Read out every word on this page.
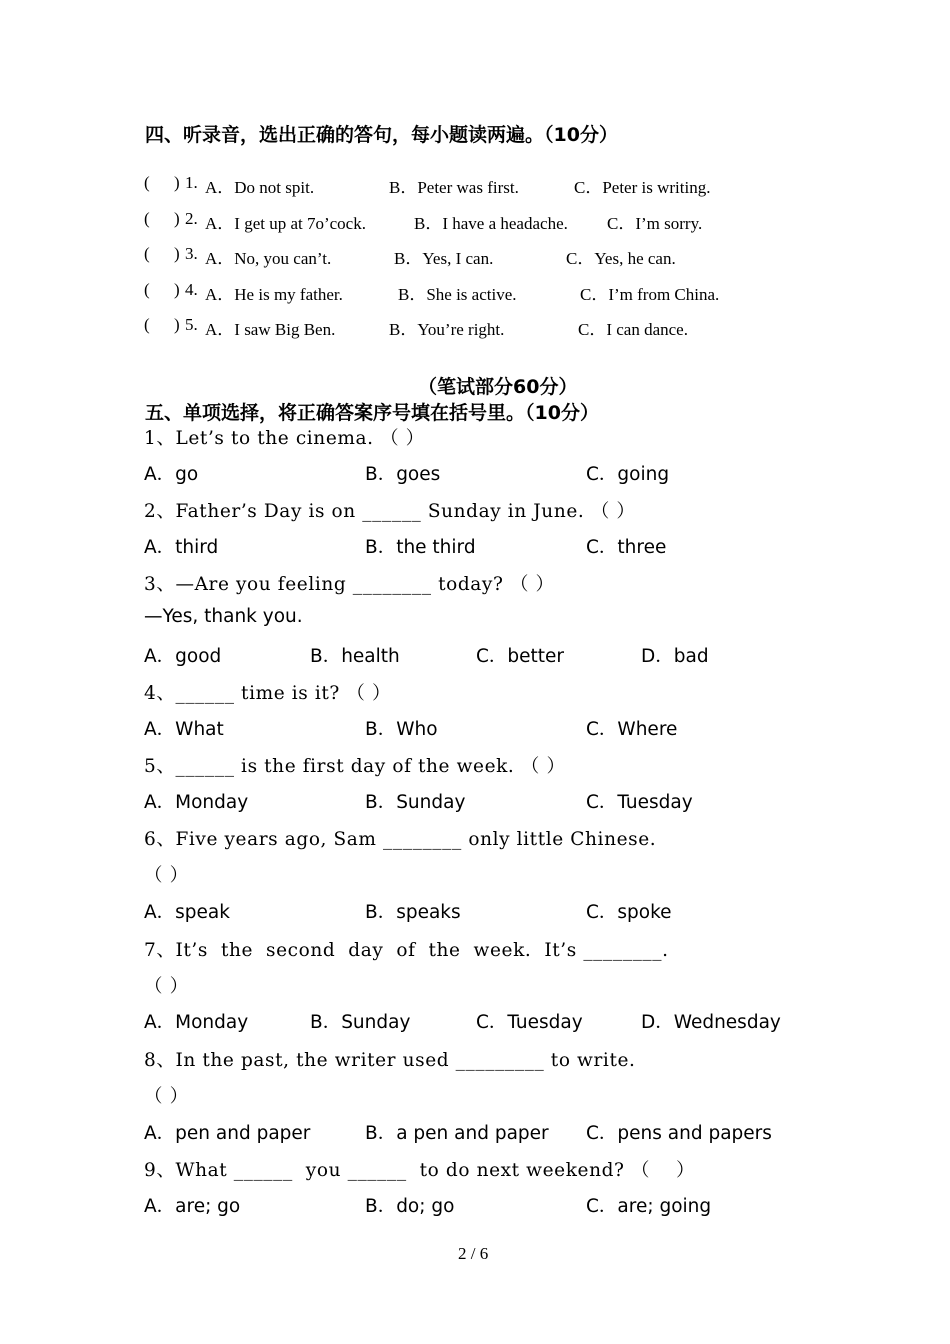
四、听录音，选出正确的答句，每小题读两遍。（10分）
( ) 1. A．Do not spit.	B．Peter was first.	C．Peter is writing.
( ) 2. A．I get up at 7o’cock.	B．I have a headache. C．I’m sorry.
( ) 3. A．No, you can’t.	B．Yes, I can.	C．Yes, he can.
( ) 4. A．He is my father.	B．She is active.	C．I’m from China.
( ) 5. A．I saw Big Ben.	B．You’re right.	C．I can dance.
（笔试部分60分）
五、单项选择，将正确答案序号填在括号里。（10分）
1、Let’s to the cinema. （ ）
A．go	B．goes	C．going
2、Father’s Day is on ______ Sunday in June. （ ）
A．third	B．the third	C．three
3、—Are you feeling ________ today? （ ）
—Yes, thank you.
A．good	B．health	C．better	D．bad
4、______ time is it? （ ）
A．What	B．Who	C．Where
5、______ is the first day of the week. （ ）
A．Monday	B．Sunday	C．Tuesday
6、Five years ago, Sam ________ only little Chinese.
（ ）
A．speak	B．speaks	C．spoke
7、It’s  the  second  day  of  the  week.  It’s ________.
（ ）
A．Monday	B．Sunday	C．Tuesday	D．Wednesday
8、In the past, the writer used _________ to write.
（ ）
A．pen and paper	B．a pen and paper C．pens and papers
9、What ______  you ______  to do next weekend? （    ）
A．are; go	B．do; go	C．are; going
2 / 6
